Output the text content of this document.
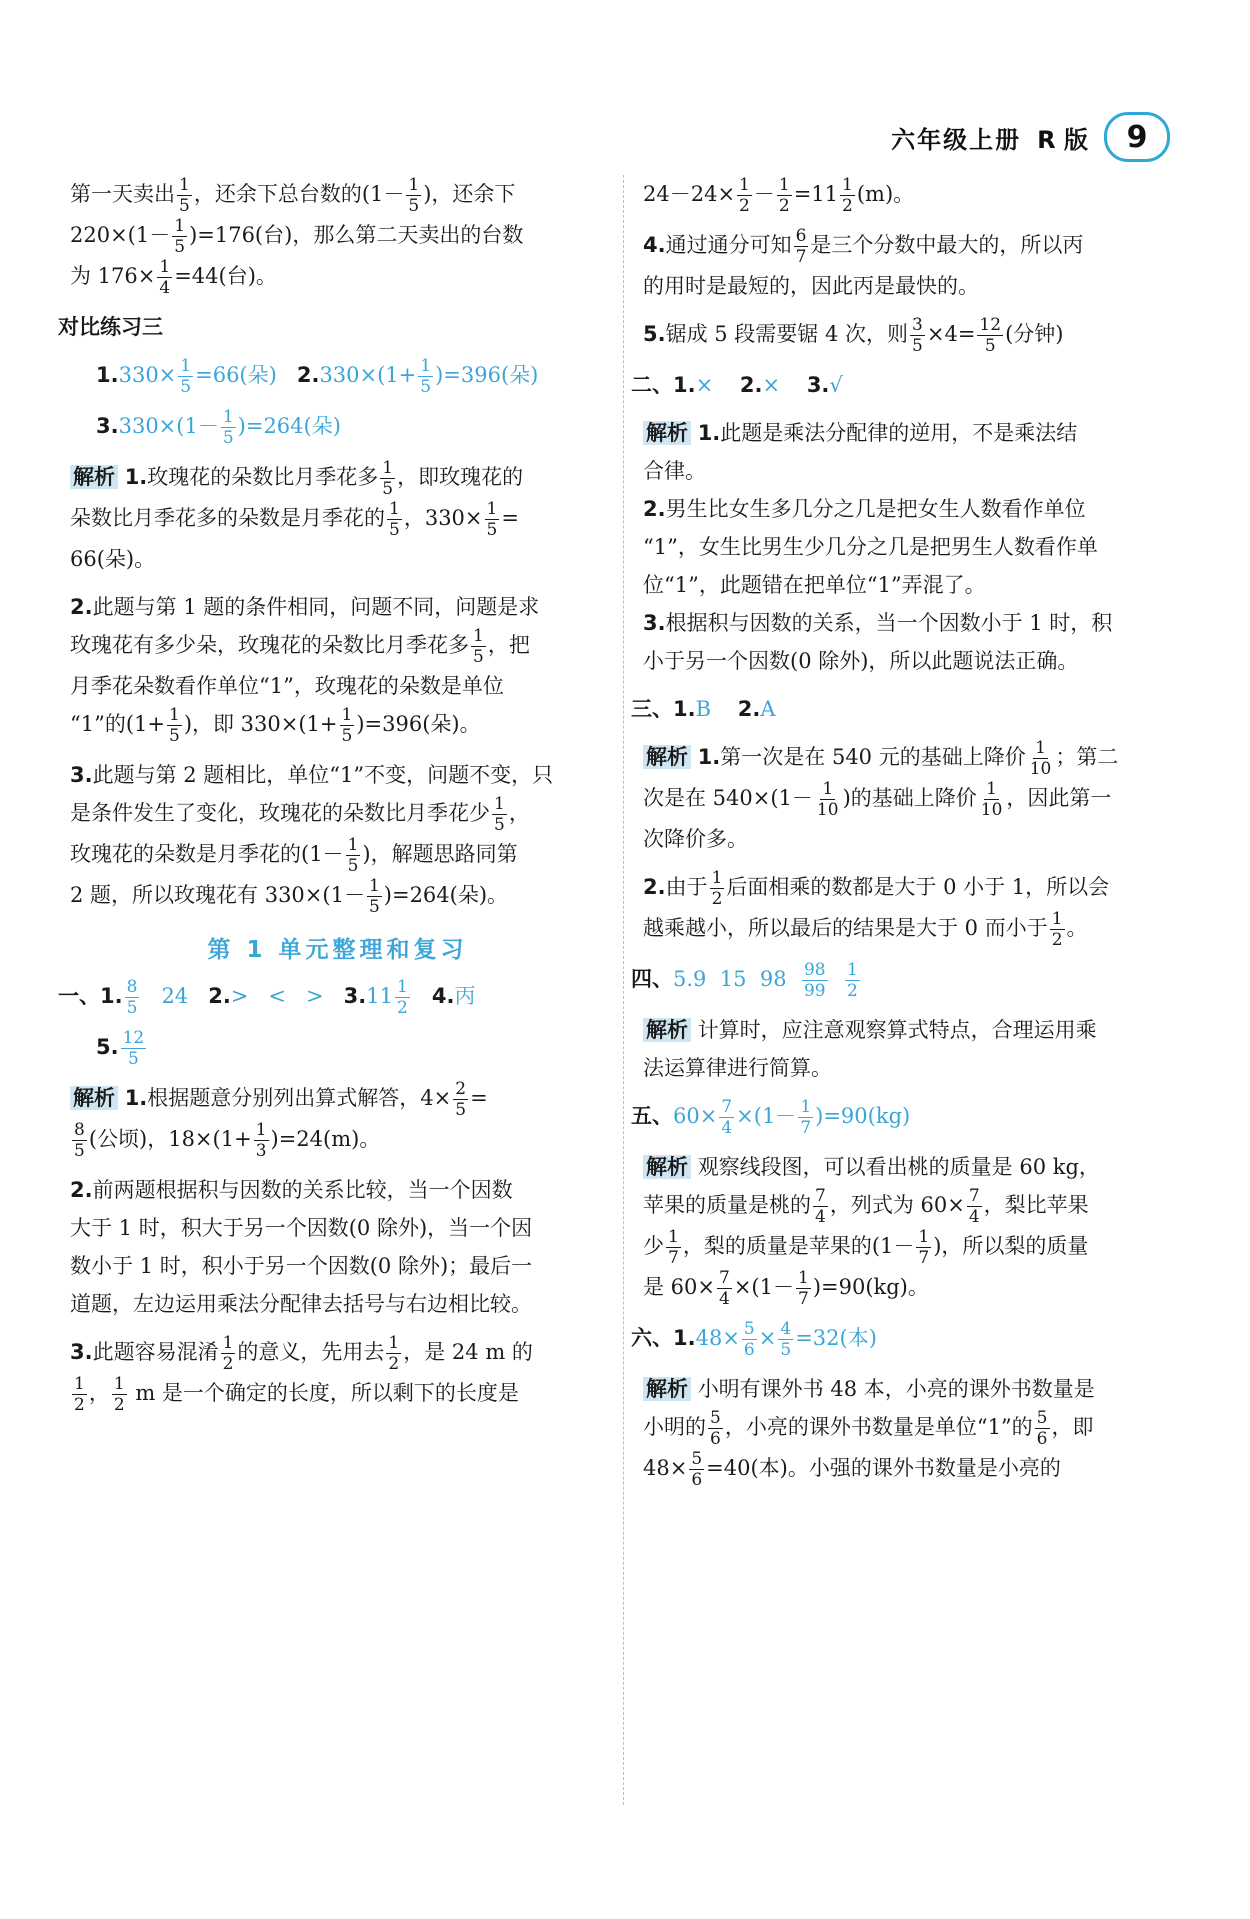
六年级上册 R 版	9

第一天卖出 $\frac{1}{5}$ ，还余下总台数的($1- \frac{1}{5}$ )，还余下
$220\times(1- \frac{1}{5} )=176$(台)，那么第二天卖出的台数
为 $176\times \frac{1}{4} =44$(台)。

对比练习三

$1.330\times \frac{1}{5} =66$(朵) $2.330\times(1+ \frac{1}{5} )=396$(朵)

$3.330\times(1- \frac{1}{5} )=264$(朵)

解析 1.玫瑰花的朵数比月季花多 $\frac{1}{5}$ ，即玫瑰花的
朵数比月季花多的朵数是月季花的 $\frac{1}{5}$ ，$330\times \frac{1}{5}$ =
66(朵)。

2.此题与第 1 题的条件相同，问题不同，问题是求
玫瑰花有多少朵，玫瑰花的朵数比月季花多 $\frac{1}{5}$ ，把
月季花朵数看作单位“1”，玫瑰花的朵数是单位
“1”的($1+ \frac{1}{5}$ )，即 $330\times(1+ \frac{1}{5} )=396$(朵)。

3.此题与第 2 题相比，单位“1”不变，问题不变，只
是条件发生了变化，玫瑰花的朵数比月季花少 $\frac{1}{5}$ ，
玫瑰花的朵数是月季花的($1- \frac{1}{5}$ )，解题思路同第
2 题，所以玫瑰花有 $330\times(1- \frac{1}{5} )=264$(朵)。

第 1 单元整理和复习

一、1. $\frac{8}{5} 24$ 2.>   <   > $3.11 \frac{1}{2} 4$.丙

5. $\frac{12}{5}$

解析 1.根据题意分别列出算式解答，$4\times \frac{2}{5}$ =

$\frac{8}{5}$ (公顷)，$18\times(1+ \frac{1}{3} )=24(m)$。

2.前两题根据积与因数的关系比较，当一个因数
大于 1 时，积大于另一个因数(0 除外)，当一个因
数小于 1 时，积小于另一个因数(0 除外)；最后一
道题，左边运用乘法分配律去括号与右边相比较。

3.此题容易混淆 $\frac{1}{2}$ 的意义，先用去 $\frac{1}{2}$ ，是 24 m 的

$\frac{1}{2}$ ， $\frac{1}{2}$ m 是一个确定的长度，所以剩下的长度是

$24-24\times \frac{1}{2} - \frac{1}{2} =11 \frac{1}{2} (m)$。

4.通过通分可知 $\frac{6}{7}$ 是三个分数中最大的，所以丙
的用时是最短的，因此丙是最快的。

5.锯成 5 段需要锯 4 次，则 $\frac{3}{5} \times 4= \frac{12}{5}$ (分钟)

二、1.× 2.× 3.√

解析 1.此题是乘法分配律的逆用，不是乘法结
合律。
2.男生比女生多几分之几是把女生人数看作单位
“1”，女生比男生少几分之几是把男生人数看作单
位“1”，此题错在把单位“1”弄混了。
3.根据积与因数的关系，当一个因数小于 1 时，积
小于另一个因数(0 除外)，所以此题说法正确。

三、1.B 2.A

解析 1.第一次是在 540 元的基础上降价 $\frac{1}{10}$ ；第二
次是在 $540\times(1- \frac{1}{10}$ )的基础上降价 $\frac{1}{10}$ ，因此第一
次降价多。

2.由于 $\frac{1}{2}$ 后面相乘的数都是大于 0 小于 1，所以会
越乘越小，所以最后的结果是大于 0 而小于 $\frac{1}{2}$ 。

四、5.9 15 $98 \frac{98}{99}$
$\frac{1}{2}$

解析 计算时，应注意观察算式特点，合理运用乘
法运算律进行简算。

五、$60\times \frac{7}{4} \times(1- \frac{1}{7} )=90(kg)$

解析 观察线段图，可以看出桃的质量是 60 kg，
苹果的质量是桃的 $\frac{7}{4}$ ，列式为 $60\times \frac{7}{4}$ ，梨比苹果
少 $\frac{1}{7}$ ，梨的质量是苹果的($1- \frac{1}{7}$ )，所以梨的质量
是 $60\times \frac{7}{4} \times(1- \frac{1}{7} )=90(kg)$。

六、$1.48\times \frac{5}{6} \times \frac{4}{5} =32$(本)

解析 小明有课外书 48 本，小亮的课外书数量是
小明的 $\frac{5}{6}$ ，小亮的课外书数量是单位“1”的 $\frac{5}{6}$ ，即
$48\times \frac{5}{6} =40$(本)。小强的课外书数量是小亮的
